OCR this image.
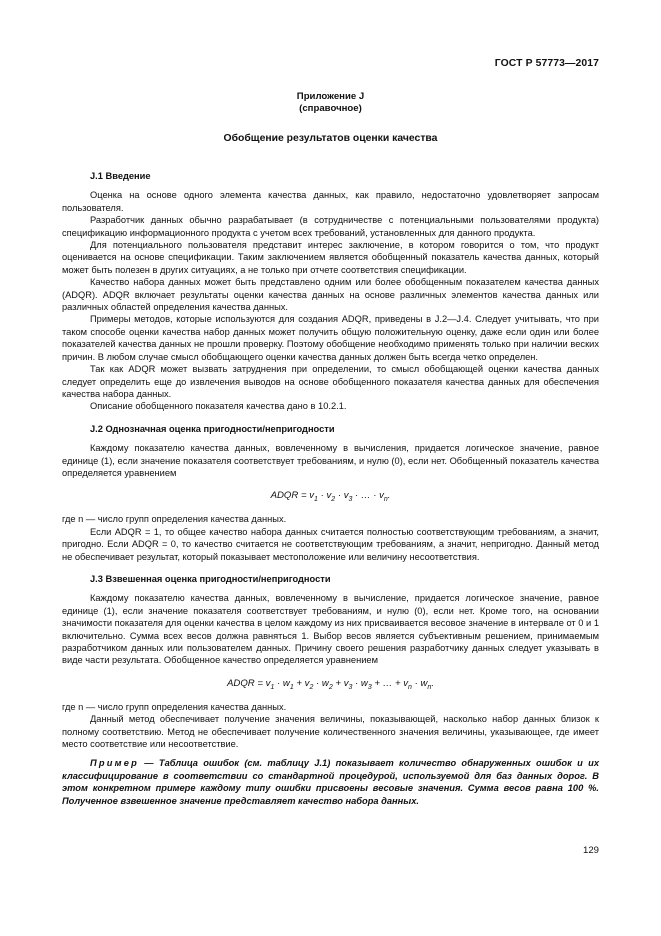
ГОСТ Р 57773—2017
Приложение J
(справочное)
Обобщение результатов оценки качества
J.1 Введение

Оценка на основе одного элемента качества данных, как правило, недостаточно удовлетворяет запросам пользователя.

Разработчик данных обычно разрабатывает (в сотрудничестве с потенциальными пользователями продукта) спецификацию информационного продукта с учетом всех требований, установленных для данного продукта.

Для потенциального пользователя представит интерес заключение, в котором говорится о том, что продукт оценивается на основе спецификации. Таким заключением является обобщенный показатель качества данных, который может быть полезен в других ситуациях, а не только при отчете соответствия спецификации.

Качество набора данных может быть представлено одним или более обобщенным показателем качества данных (ADQR). ADQR включает результаты оценки качества данных на основе различных элементов качества данных или различных областей определения качества данных.

Примеры методов, которые используются для создания ADQR, приведены в J.2—J.4. Следует учитывать, что при таком способе оценки качества набор данных может получить общую положительную оценку, даже если один или более показателей качества данных не прошли проверку. Поэтому обобщение необходимо применять только при наличии веских причин. В любом случае смысл обобщающего оценки качества данных должен быть всегда четко определен.

Так как ADQR может вызвать затруднения при определении, то смысл обобщающей оценки качества данных следует определить еще до извлечения выводов на основе обобщенного показателя качества данных для обеспечения качества набора данных.

Описание обобщенного показателя качества дано в 10.2.1.

J.2 Однозначная оценка пригодности/непригодности

Каждому показателю качества данных, вовлеченному в вычисления, придается логическое значение, равное единице (1), если значение показателя соответствует требованиям, и нулю (0), если нет. Обобщенный показатель качества определяется уравнением

ADQR = $v_1 \cdot v_2 \cdot v_3$ · … · $v_n$.

где n — число групп определения качества данных.

Если ADQR = 1, то общее качество набора данных считается полностью соответствующим требованиям, а значит, пригодно. Если ADQR = 0, то качество считается не соответствующим требованиям, а значит, непригодно. Данный метод не обеспечивает результат, который показывает местоположение или величину несоответствия.

J.3 Взвешенная оценка пригодности/непригодности

Каждому показателю качества данных, вовлеченному в вычисление, придается логическое значение, равное единице (1), если значение показателя соответствует требованиям, и нулю (0), если нет. Кроме того, на основании значимости показателя для оценки качества в целом каждому из них присваивается весовое значение в интервале от 0 и 1 включительно. Сумма всех весов должна равняться 1. Выбор весов является субъективным решением, принимаемым разработчиком данных или пользователем данных. Причину своего решения разработчику данных следует указывать в виде части результата. Обобщенное качество определяется уравнением

ADQR = $v_1 \cdot w_1 + v_2 \cdot w_2 + v_3 \cdot w_3$ + … + $v_n \cdot w_n$.

где n — число групп определения качества данных.

Данный метод обеспечивает получение значения величины, показывающей, насколько набор данных близок к полному соответствию. Метод не обеспечивает получение количественного значения величины, указывающее, где имеет место соответствие или несоответствие.

Пример — Таблица ошибок (см. таблицу J.1) показывает количество обнаруженных ошибок и их классифицирование в соответствии со стандартной процедурой, используемой для баз данных дорог. В этом конкретном примере каждому типу ошибки присвоены весовые значения. Сумма весов равна 100 %. Полученное взвешенное значение представляет качество набора данных.

129
